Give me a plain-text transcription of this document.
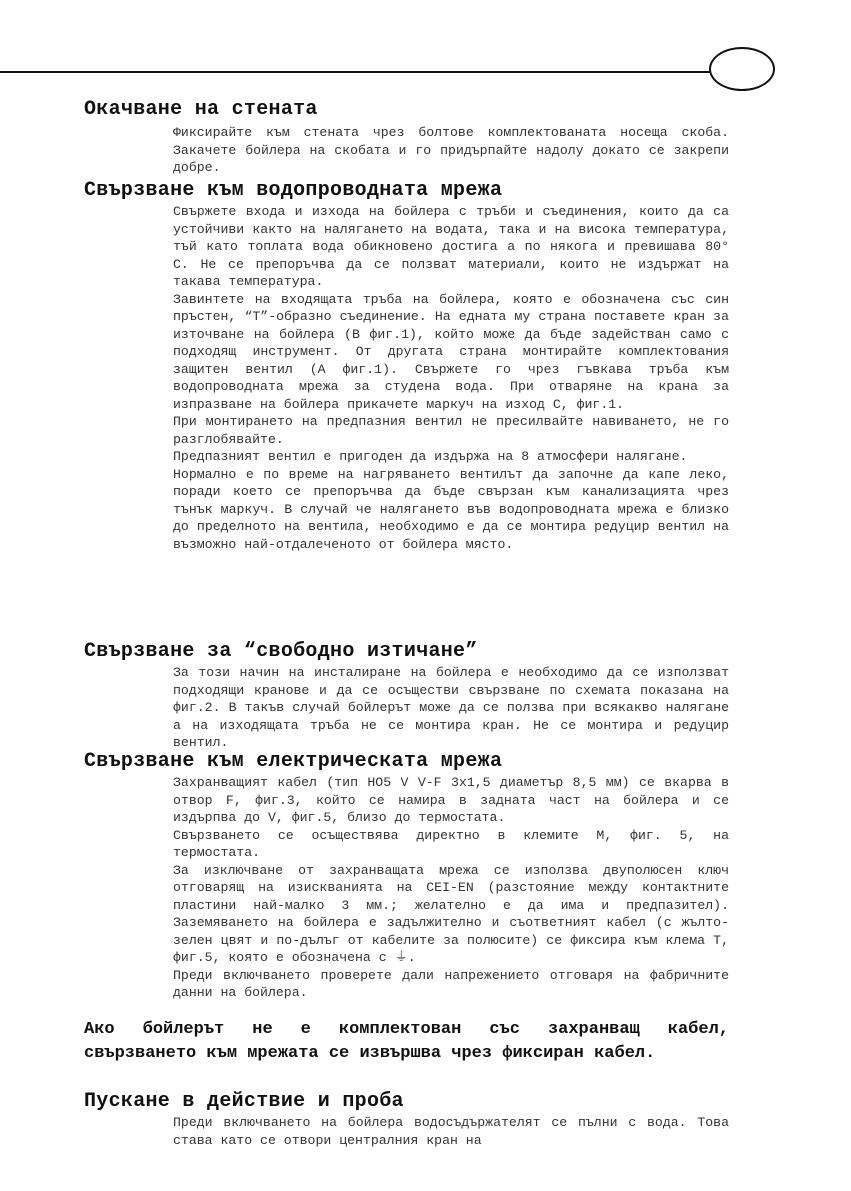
Окачване на стената

Фиксирайте към стената чрез болтове комплектованата носеща скоба. Закачете бойлера на скобата и го придърпайте надолу докато се закрепи добре.

Свързване към водопроводната мрежа

Свържете входа и изхода на бойлера с тръби и съединения, които да са устойчиви както на налягането на водата, така и на висока температура, тъй като топлата вода обикновено достига а по някога и превишава 80° С. Не се препоръчва да се ползват материали, които не издържат на такава температура.

Завинтете на входящата тръба на бойлера, която е обозначена със син пръстен, “Т”-образно съединение. На едната му страна поставете кран за източване на бойлера (В фиг.1), който може да бъде задействан само с подходящ инструмент. От другата страна монтирайте комплектования защитен вентил (А фиг.1). Свържете го чрез гъвкава тръба към водопроводната мрежа за студена вода. При отваряне на крана за изпразване на бойлера прикачете маркуч на изход С, фиг.1.

При монтирането на предпазния вентил не пресилвайте навиването, не го разглобявайте.

Предпазният вентил е пригоден да издържа на 8 атмосфери налягане.

Нормално е по време на нагряването вентилът да започне да капе леко, поради което се препоръчва да бъде свързан към канализацията чрез тънък маркуч. В случай че налягането във водопроводната мрежа е близко до пределното на вентила, необходимо е да се монтира редуцир вентил на възможно най-отдалеченото от бойлера място.

Свързване за “свободно изтичане”

За този начин на инсталиране на бойлера е необходимо да се използват подходящи кранове и да се осъществи свързване по схемата показана на фиг.2. В такъв случай бойлерът може да се ползва при всякакво налягане а на изходящата тръба не се монтира кран. Не се монтира и редуцир вентил.

Свързване към електрическата мрежа

Захранващият кабел (тип НО5 V V-F 3x1,5 диаметър 8,5 мм) се вкарва в отвор F, фиг.3, който се намира в задната част на бойлера и се издърпва до V, фиг.5, близо до термостата.

Свързването се осъществява директно в клемите М, фиг. 5, на термостата.

За изключване от захранващата мрежа се използва двуполюсен ключ отговарящ на изискванията на CEI-EN (разстояние между контактните пластини най-малко 3 мм.; желателно е да има и предпазител). Заземяването на бойлера е задължително и съответният кабел (с жълто-зелен цвят и по-дълъг от кабелите за полюсите) се фиксира към клема Т, фиг.5, която е обозначена с ⏚.

Преди включването проверете дали напрежението отговаря на фабричните данни на бойлера.

Ако бойлерът не е комплектован със захранващ кабел,
свързването към мрежата се извършва чрез фиксиран кабел.
Пускане в действие и проба

Преди включването на бойлера водосъдържателят се пълни с вода. Това става като се отвори централния кран на
